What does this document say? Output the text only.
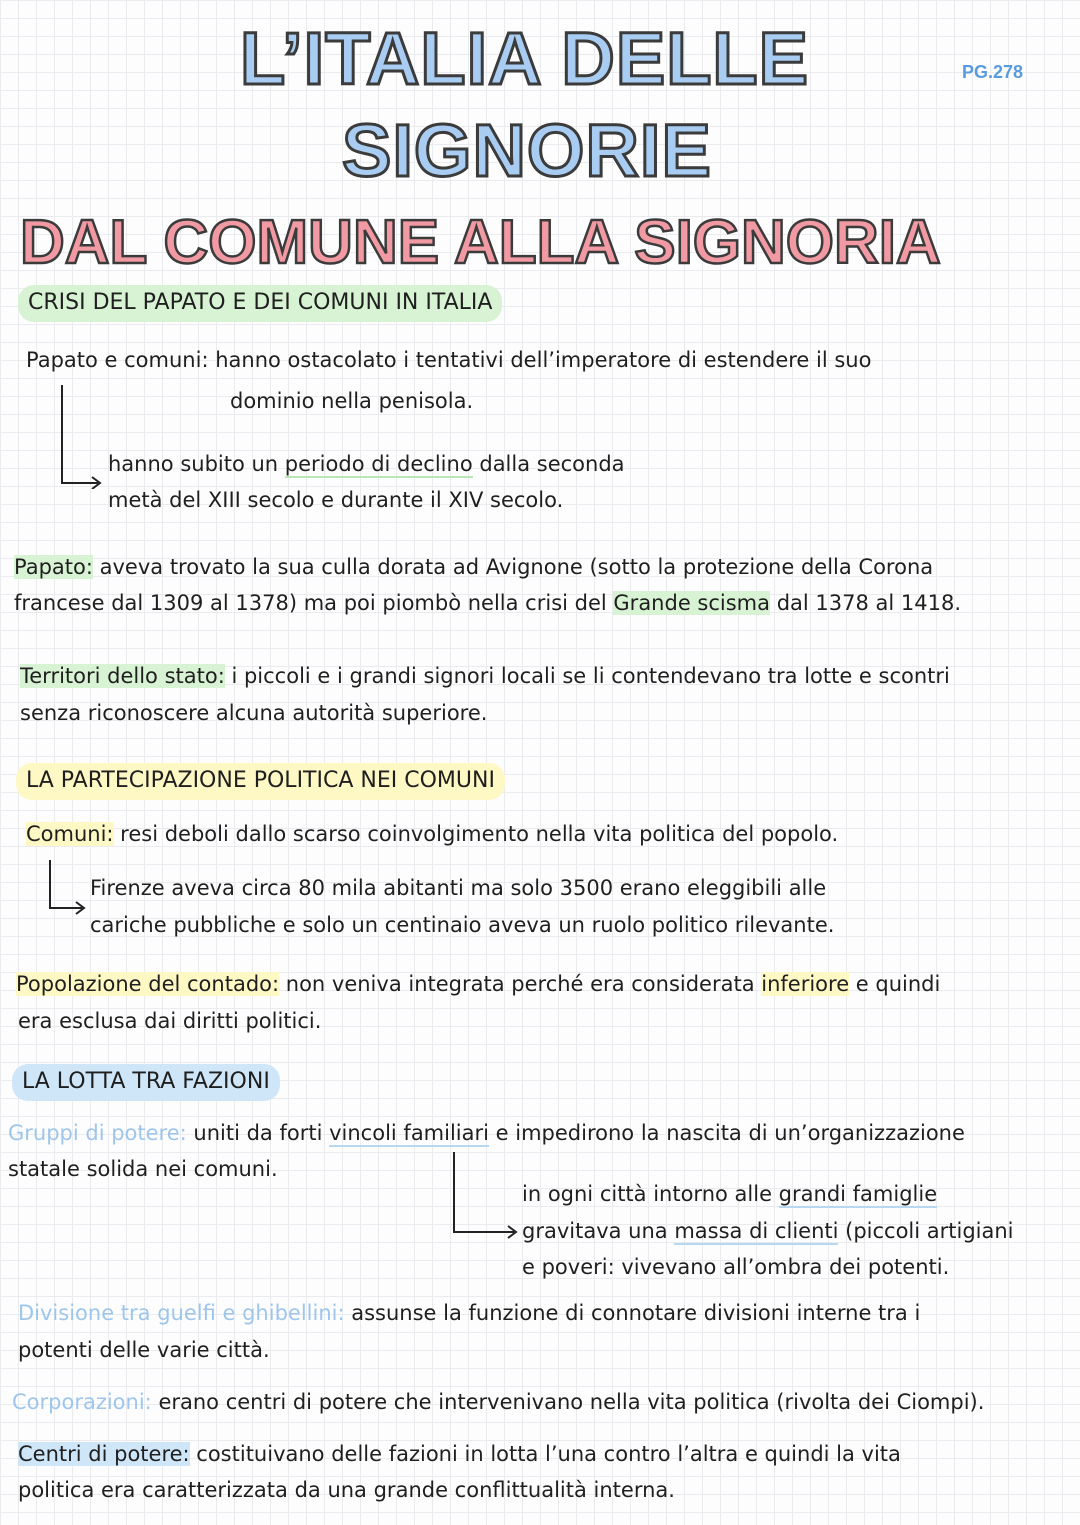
L’ITALIA DELLE
SIGNORIE
PG.278
DAL COMUNE ALLA SIGNORIA
CRISI DEL PAPATO E DEI COMUNI IN ITALIA
Papato e comuni: hanno ostacolato i tentativi dell’imperatore di estendere il suo
dominio nella penisola.
hanno subito un periodo di declino dalla seconda
metà del XIII secolo e durante il XIV secolo.
Papato: aveva trovato la sua culla dorata ad Avignone (sotto la protezione della Corona
francese dal 1309 al 1378) ma poi piombò nella crisi del Grande scisma dal 1378 al 1418.
Territori dello stato: i piccoli e i grandi signori locali se li contendevano tra lotte e scontri
senza riconoscere alcuna autorità superiore.
LA PARTECIPAZIONE POLITICA NEI COMUNI
Comuni: resi deboli dallo scarso coinvolgimento nella vita politica del popolo.
Firenze aveva circa 80 mila abitanti ma solo 3500 erano eleggibili alle
cariche pubbliche e solo un centinaio aveva un ruolo politico rilevante.
Popolazione del contado: non veniva integrata perché era considerata inferiore e quindi
era esclusa dai diritti politici.
LA LOTTA TRA FAZIONI
Gruppi di potere: uniti da forti vincoli familiari e impedirono la nascita di un’organizzazione
statale solida nei comuni.
in ogni città intorno alle grandi famiglie
gravitava una massa di clienti (piccoli artigiani
e poveri: vivevano all’ombra dei potenti.
Divisione tra guelfi e ghibellini: assunse la funzione di connotare divisioni interne tra i
potenti delle varie città.
Corporazioni: erano centri di potere che intervenivano nella vita politica (rivolta dei Ciompi).
Centri di potere: costituivano delle fazioni in lotta l’una contro l’altra e quindi la vita
politica era caratterizzata da una grande conflittualità interna.
